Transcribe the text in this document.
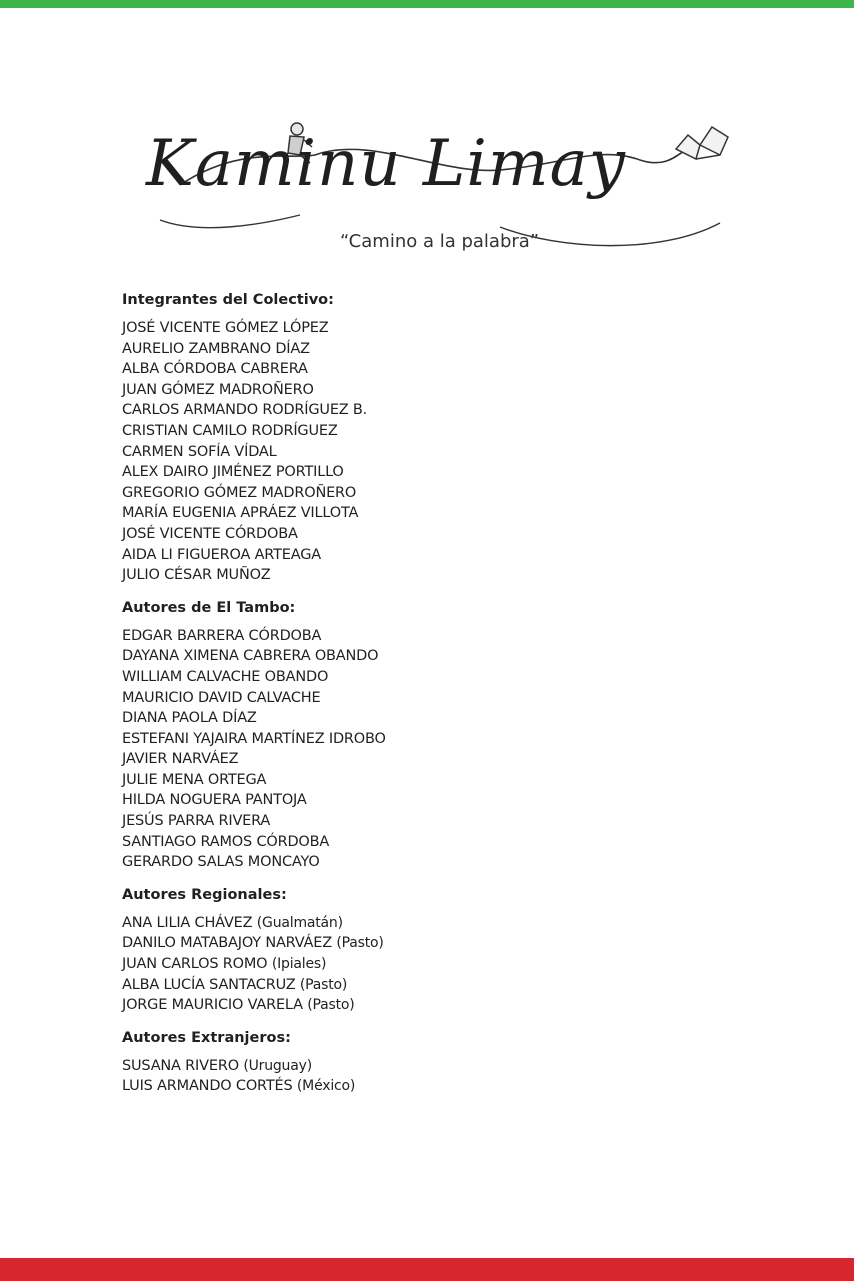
Kaminu Limay
“Camino a la palabra”
Integrantes del Colectivo:
JOSÉ VICENTE GÓMEZ LÓPEZ
AURELIO ZAMBRANO DÍAZ
ALBA CÓRDOBA CABRERA
JUAN GÓMEZ MADROÑERO
CARLOS ARMANDO RODRÍGUEZ B.
CRISTIAN CAMILO RODRÍGUEZ
CARMEN SOFÍA VÍDAL
ALEX DAIRO JIMÉNEZ PORTILLO
GREGORIO GÓMEZ MADROÑERO
MARÍA EUGENIA APRÁEZ VILLOTA
JOSÉ VICENTE CÓRDOBA
AIDA LI FIGUEROA ARTEAGA
JULIO CÉSAR MUÑOZ
Autores de El Tambo:
EDGAR BARRERA CÓRDOBA
DAYANA XIMENA CABRERA OBANDO
WILLIAM CALVACHE OBANDO
MAURICIO DAVID CALVACHE
DIANA PAOLA DÍAZ
ESTEFANI YAJAIRA MARTÍNEZ IDROBO
JAVIER NARVÁEZ
JULIE MENA ORTEGA
HILDA NOGUERA PANTOJA
JESÚS PARRA RIVERA
SANTIAGO RAMOS CÓRDOBA
GERARDO SALAS MONCAYO
Autores Regionales:
ANA LILIA CHÁVEZ (Gualmatán)
DANILO MATABAJOY NARVÁEZ (Pasto)
JUAN CARLOS ROMO (Ipiales)
ALBA LUCÍA SANTACRUZ (Pasto)
JORGE MAURICIO VARELA (Pasto)
Autores Extranjeros:
SUSANA RIVERO (Uruguay)
LUIS ARMANDO CORTÉS (México)
